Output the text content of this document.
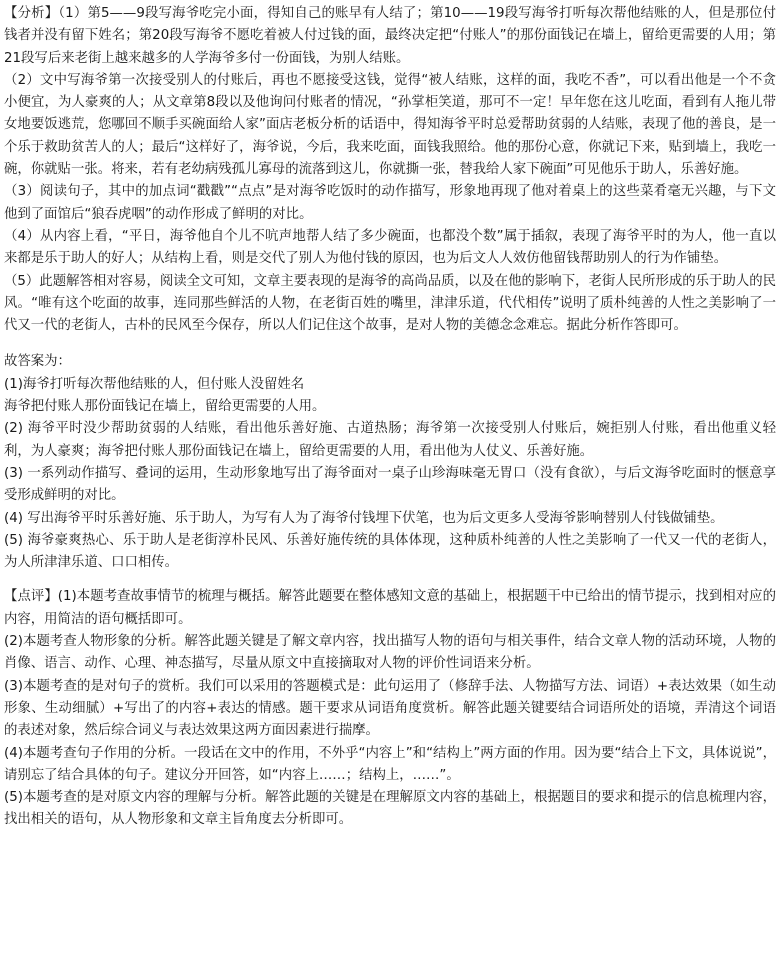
【分析】（1）第5——9段写海爷吃完小面，得知自己的账早有人结了；第10——19段写海爷打听每次帮他结账的人，但是那位付钱者并没有留下姓名；第20段写海爷不愿吃着被人付过钱的面，最终决定把“付账人”的那份面钱记在墙上，留给更需要的人用；第21段写后来老街上越来越多的人学海爷多付一份面钱，为别人结账。

（2）文中写海爷第一次接受别人的付账后，再也不愿接受这钱，觉得“被人结账，这样的面，我吃不香”，可以看出他是一个不贪小便宜，为人豪爽的人；从文章第8段以及他询问付账者的情况，“孙掌柜笑道，那可不一定！早年您在这儿吃面，看到有人拖儿带女地要饭逃荒，您哪回不顺手买碗面给人家”面店老板分析的话语中，得知海爷平时总爱帮助贫弱的人结账，表现了他的善良，是一个乐于救助贫苦人的人；最后“这样好了，海爷说，今后，我来吃面，面钱我照给。他的那份心意，你就记下来，贴到墙上，我吃一碗，你就贴一张。将来，若有老幼病残孤儿寡母的流落到这儿，你就撕一张，替我给人家下碗面”可见他乐于助人，乐善好施。

（3）阅读句子，其中的加点词“戳戳”“点点”是对海爷吃饭时的动作描写，形象地再现了他对着桌上的这些菜肴毫无兴趣，与下文他到了面馆后“狼吞虎咽”的动作形成了鲜明的对比。

（4）从内容上看，“平日，海爷他自个儿不吭声地帮人结了多少碗面，也都没个数”属于插叙，表现了海爷平时的为人，他一直以来都是乐于助人的好人；从结构上看，则是交代了别人为他付钱的原因，也为后文人人效仿他留钱帮助别人的行为作铺垫。

（5）此题解答相对容易，阅读全文可知，文章主要表现的是海爷的高尚品质，以及在他的影响下，老街人民所形成的乐于助人的民风。“唯有这个吃面的故事，连同那些鲜活的人物，在老街百姓的嘴里，津津乐道，代代相传”说明了质朴纯善的人性之美影响了一代又一代的老街人，古朴的民风至今保存，所以人们记住这个故事，是对人物的美德念念难忘。据此分析作答即可。

故答案为：

(1)海爷打听每次帮他结账的人，但付账人没留姓名

海爷把付账人那份面钱记在墙上，留给更需要的人用。

(2) 海爷平时没少帮助贫弱的人结账，看出他乐善好施、古道热肠；海爷第一次接受别人付账后，婉拒别人付账，看出他重义轻利，为人豪爽；海爷把付账人那份面钱记在墙上，留给更需要的人用，看出他为人仗义、乐善好施。

(3) 一系列动作描写、叠词的运用，生动形象地写出了海爷面对一桌子山珍海味毫无胃口（没有食欲），与后文海爷吃面时的惬意享受形成鲜明的对比。

(4) 写出海爷平时乐善好施、乐于助人，为写有人为了海爷付钱埋下伏笔，也为后文更多人受海爷影响替别人付钱做铺垫。

(5) 海爷豪爽热心、乐于助人是老街淳朴民风、乐善好施传统的具体体现，这种质朴纯善的人性之美影响了一代又一代的老街人，为人所津津乐道、口口相传。

【点评】(1)本题考查故事情节的梳理与概括。解答此题要在整体感知文意的基础上，根据题干中已给出的情节提示，找到相对应的内容，用简洁的语句概括即可。

(2)本题考查人物形象的分析。解答此题关键是了解文章内容，找出描写人物的语句与相关事件，结合文章人物的活动环境，人物的肖像、语言、动作、心理、神态描写，尽量从原文中直接摘取对人物的评价性词语来分析。

(3)本题考查的是对句子的赏析。我们可以采用的答题模式是：此句运用了（修辞手法、人物描写方法、词语）+表达效果（如生动形象、生动细腻）+写出了的内容+表达的情感。题干要求从词语角度赏析。解答此题关键要结合词语所处的语境，弄清这个词语的表述对象，然后综合词义与表达效果这两方面因素进行揣摩。

(4)本题考查句子作用的分析。一段话在文中的作用，不外乎“内容上”和“结构上”两方面的作用。因为要“结合上下文，具体说说”，请别忘了结合具体的句子。建议分开回答，如“内容上……；结构上，……”。

(5)本题考查的是对原文内容的理解与分析。解答此题的关键是在理解原文内容的基础上，根据题目的要求和提示的信息梳理内容，找出相关的语句，从人物形象和文章主旨角度去分析即可。
